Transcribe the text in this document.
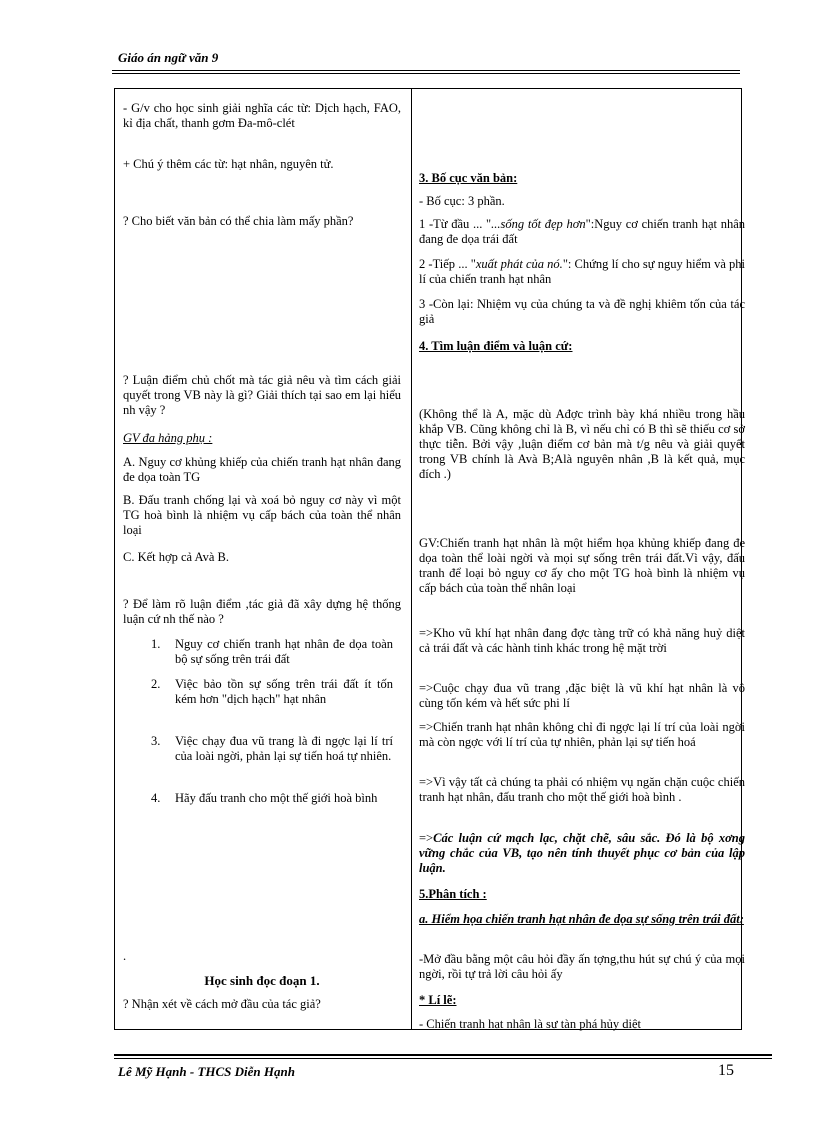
Giáo án ngữ văn 9
- G/v cho học sinh giải nghĩa các từ: Dịch hạch, FAO, kỉ địa chất, thanh gơm Đa-mô-clét
+ Chú ý thêm các từ: hạt nhân, nguyên tử.
? Cho biết văn bản có thể chia làm mấy phần?
? Luận điểm chủ chốt mà tác giả nêu và tìm cách giải quyết trong VB này là gì? Giải thích tại sao em lại hiểu nh vậy ?
GV đa hảng phụ :
A. Nguy cơ khủng khiếp của chiến tranh hạt nhân đang đe dọa toàn TG
B. Đấu tranh chống lại và xoá bỏ nguy cơ này vì một TG hoà bình là nhiệm vụ cấp bách của toàn thể nhân loại
C. Kết hợp cả Avà B.
? Để làm rõ luận điểm ,tác giả đã xây dựng hệ thống luận cứ nh thế nào ?
1. Nguy cơ chiến tranh hạt nhân đe dọa toàn bộ sự sống trên trái đất
2. Việc bảo tồn sự sống trên trái đất ít tốn kém hơn "dịch hạch" hạt nhân
3. Việc chạy đua vũ trang là đi ngợc lại lí trí của loài ngời, phản lại sự tiến hoá tự nhiên.
4. Hãy đấu tranh cho một thế giới hoà bình
.
Học sinh đọc đoạn 1.
? Nhận xét về cách mở đầu của tác giả?

3. Bố cục văn bản:
- Bố cục: 3 phần.
1 -Từ đầu ... "...sống tốt đẹp hơn":Nguy cơ chiến tranh hạt nhân đang đe dọa trái đất
2 -Tiếp ... "xuất phát của nó.": Chứng lí cho sự nguy hiểm và phi lí của chiến tranh hạt nhân
3 -Còn lại: Nhiệm vụ của chúng ta và đề nghị khiêm tốn của tác giả
4. Tìm luận điểm và luận cứ:
(Không thể là A, mặc dù Ađợc trình bày khá nhiều trong hầu khắp VB. Cũng không chỉ là B, vì nếu chỉ có B thì sẽ thiếu cơ sở thực tiễn. Bởi vậy ,luận điểm cơ bản mà t/g nêu và giải quyết trong VB chính là Avà B;Alà nguyên nhân ,B là kết quả, mục đích .)
GV:Chiến tranh hạt nhân là một hiểm họa khủng khiếp đang đe dọa toàn thể loài ngời và mọi sự sống trên trái đất.Vì vậy, đấu tranh để loại bỏ nguy cơ ấy cho một TG hoà bình là nhiệm vụ cấp bách của toàn thể nhân loại
=>Kho vũ khí hạt nhân đang đợc tàng trữ có khả năng huỷ diệt cả trái đất và các hành tinh khác trong hệ mặt trời
=>Cuộc chạy đua vũ trang ,đặc biệt là vũ khí hạt nhân là vô cùng tốn kém và hết sức phi lí
=>Chiến tranh hạt nhân không chỉ đi ngợc lại lí trí của loài ngời mà còn ngợc với lí trí của tự nhiên, phản lại sự tiến hoá
=>Vì vậy tất cả chúng ta phải có nhiệm vụ ngăn chặn cuộc chiến tranh hạt nhân, đấu tranh cho một thế giới hoà bình .
=>Các luận cứ mạch lạc, chặt chẽ, sâu sắc. Đó là bộ xơng vững chắc của VB, tạo nên tính thuyết phục cơ bản của lập luận.
5.Phân tích :
a. Hiểm họa chiến tranh hạt nhân đe dọa sự sống trên trái đất:
-Mở đầu bằng một câu hỏi đầy ấn tợng,thu hút sự chú ý của mọi ngời, rồi tự trả lời câu hỏi ấy
* Lí lẽ:
- Chiến tranh hạt nhân là sự tàn phá hủy diệt
Lê Mỹ Hạnh - THCS Diễn Hạnh	15
